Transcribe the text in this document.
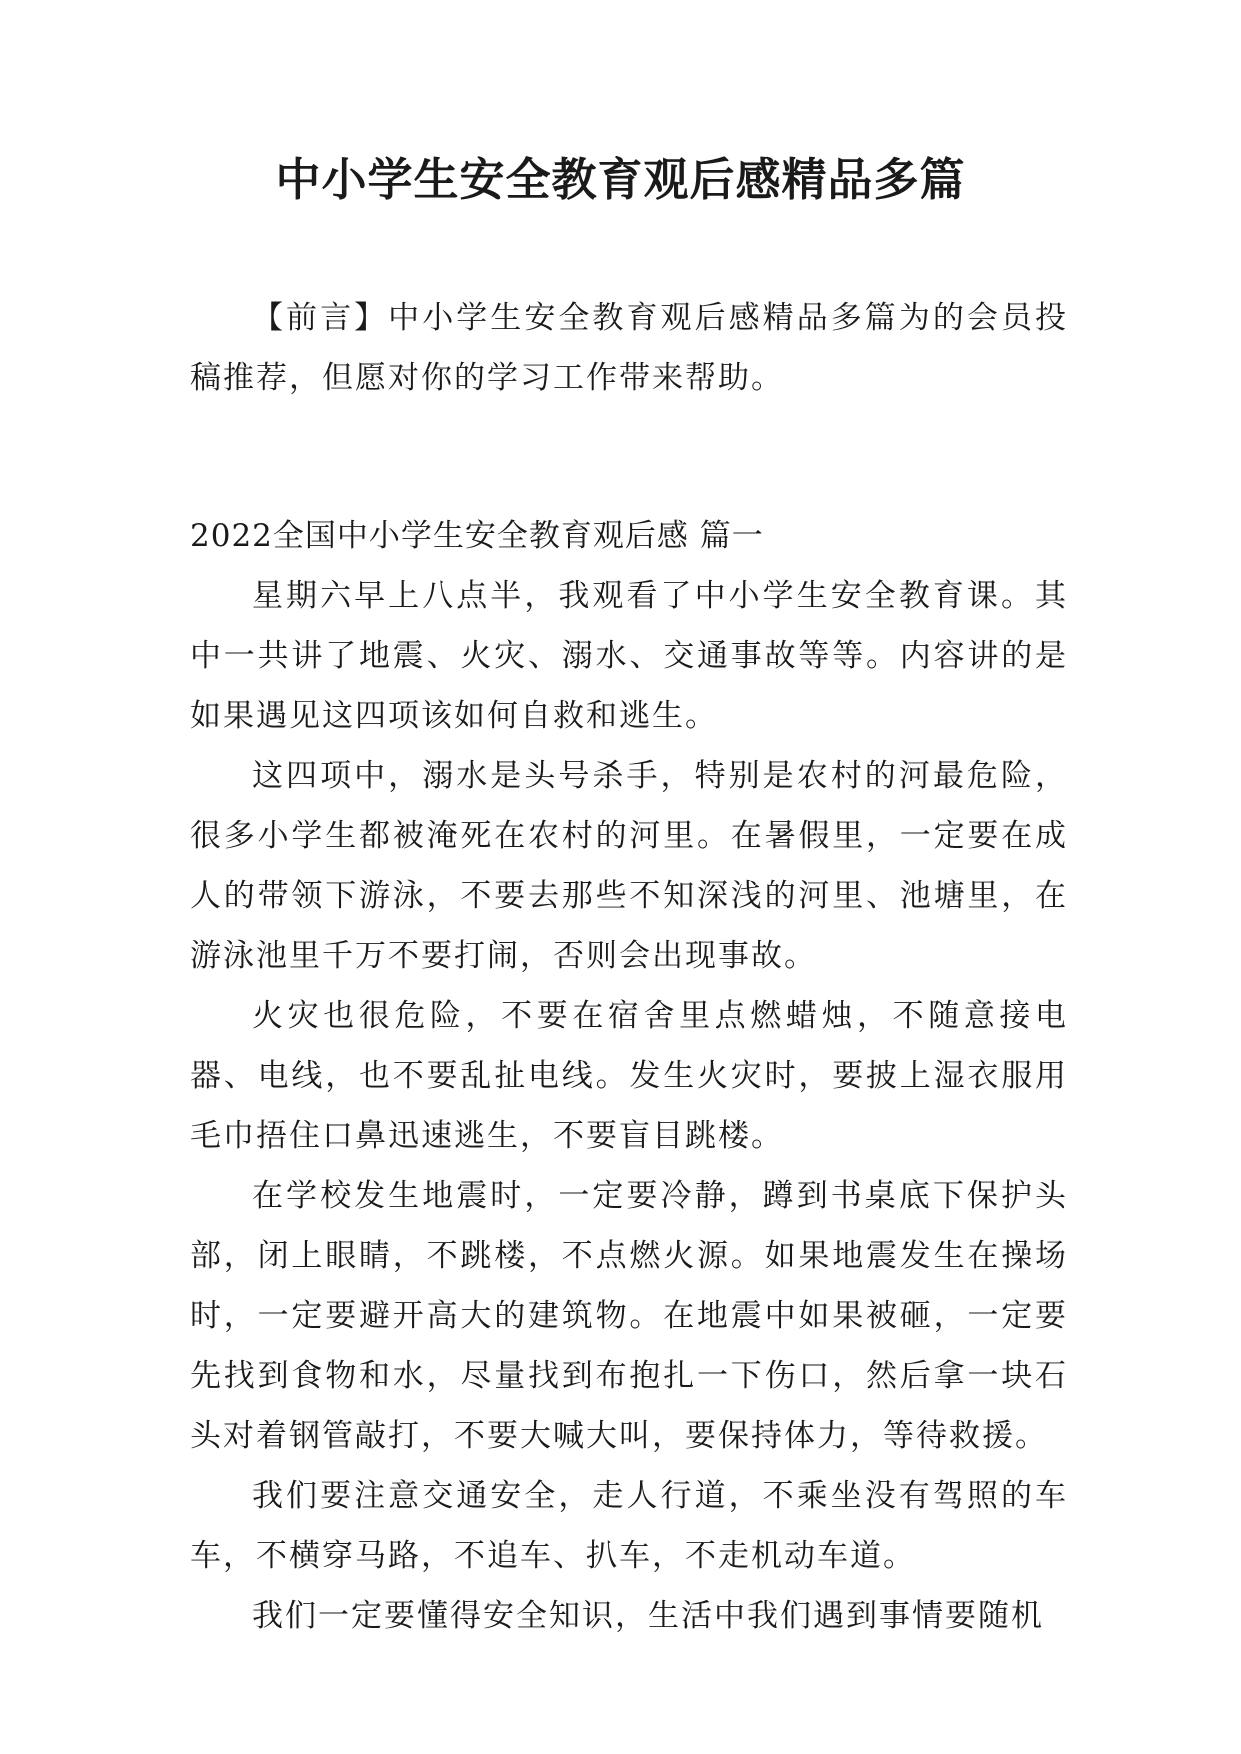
中小学生安全教育观后感精品多篇

【前言】中小学生安全教育观后感精品多篇为的会员投稿推荐，但愿对你的学习工作带来帮助。

2022全国中小学生安全教育观后感 篇一

星期六早上八点半，我观看了中小学生安全教育课。其中一共讲了地震、火灾、溺水、交通事故等等。内容讲的是如果遇见这四项该如何自救和逃生。

这四项中，溺水是头号杀手，特别是农村的河最危险，很多小学生都被淹死在农村的河里。在暑假里，一定要在成人的带领下游泳，不要去那些不知深浅的河里、池塘里，在游泳池里千万不要打闹，否则会出现事故。

火灾也很危险，不要在宿舍里点燃蜡烛，不随意接电器、电线，也不要乱扯电线。发生火灾时，要披上湿衣服用毛巾捂住口鼻迅速逃生，不要盲目跳楼。

在学校发生地震时，一定要冷静，蹲到书桌底下保护头部，闭上眼睛，不跳楼，不点燃火源。如果地震发生在操场时，一定要避开高大的建筑物。在地震中如果被砸，一定要先找到食物和水，尽量找到布抱扎一下伤口，然后拿一块石头对着钢管敲打，不要大喊大叫，要保持体力，等待救援。

我们要注意交通安全，走人行道，不乘坐没有驾照的车车，不横穿马路，不追车、扒车，不走机动车道。

我们一定要懂得安全知识，生活中我们遇到事情要随机
